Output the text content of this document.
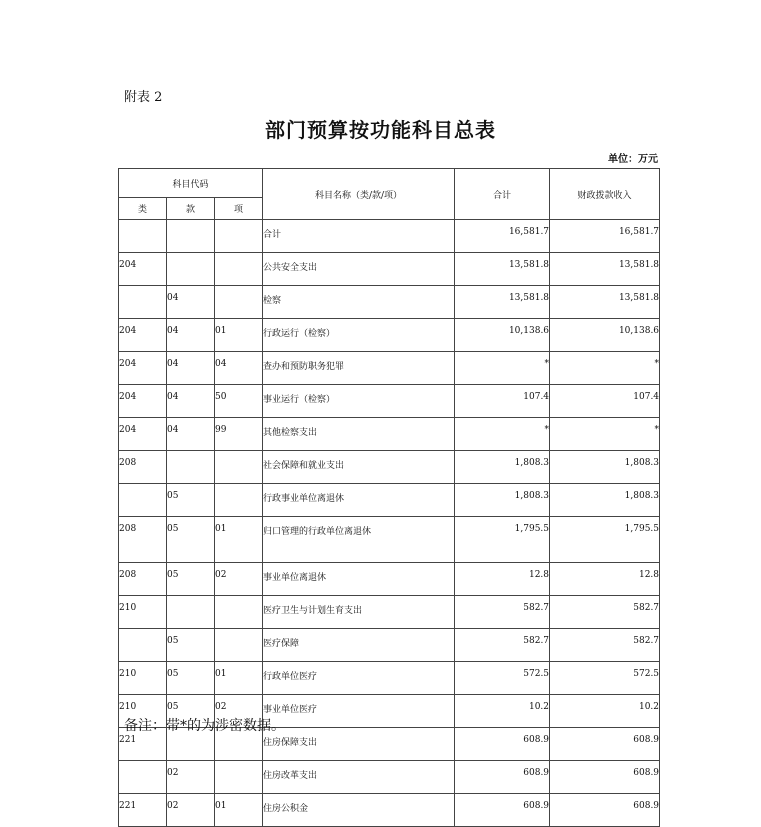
附表 2
部门预算按功能科目总表
单位：万元
科目代码			科目名称（类/款/项）	合计	财政拨款收入
类	款	项			
			合计	16,581.7	16,581.7
204			公共安全支出	13,581.8	13,581.8
	04		检察	13,581.8	13,581.8
204	04	01	行政运行（检察）	10,138.6	10,138.6
204	04	04	查办和预防职务犯罪	*	*
204	04	50	事业运行（检察）	107.4	107.4
204	04	99	其他检察支出	*	*
208			社会保障和就业支出	1,808.3	1,808.3
	05		行政事业单位离退休	1,808.3	1,808.3
208	05	01	归口管理的行政单位离退休	1,795.5	1,795.5
208	05	02	事业单位离退休	12.8	12.8
210			医疗卫生与计划生育支出	582.7	582.7
	05		医疗保障	582.7	582.7
210	05	01	行政单位医疗	572.5	572.5
210	05	02	事业单位医疗	10.2	10.2
221			住房保障支出	608.9	608.9
	02		住房改革支出	608.9	608.9
221	02	01	住房公积金	608.9	608.9
备注：带*的为涉密数据。
